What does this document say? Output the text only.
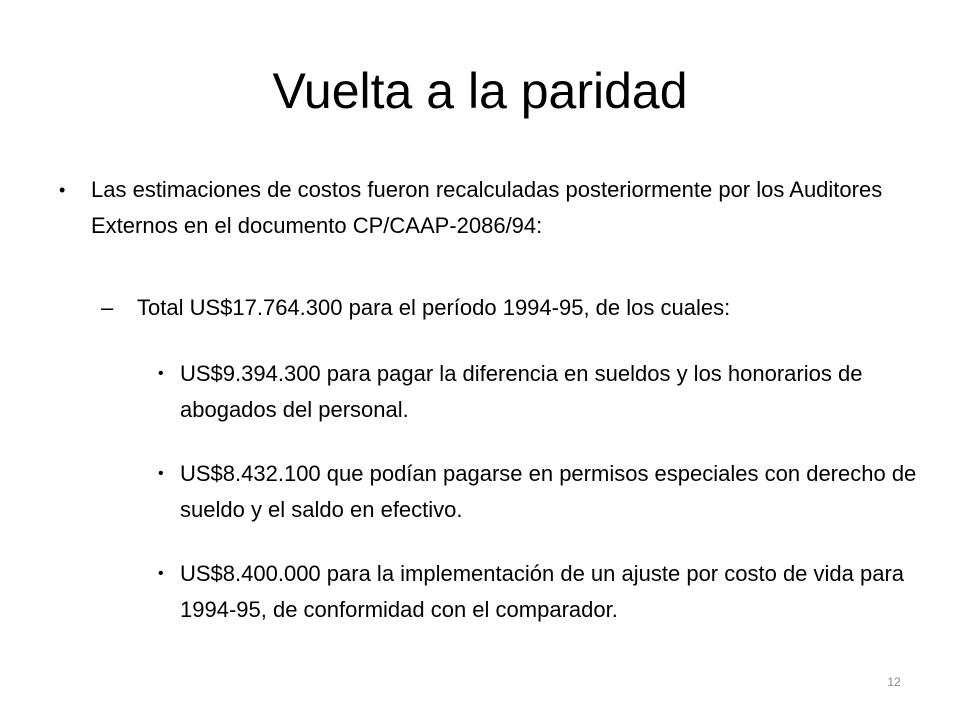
Vuelta a la paridad
• Las estimaciones de costos fueron recalculadas posteriormente por los Auditores Externos en el documento CP/CAAP-2086/94:
– Total US$17.764.300 para el período 1994-95, de los cuales:
• US$9.394.300 para pagar la diferencia en sueldos y los honorarios de abogados del personal.
• US$8.432.100 que podían pagarse en permisos especiales con derecho de sueldo y el saldo en efectivo.
• US$8.400.000 para la implementación de un ajuste por costo de vida para 1994-95, de conformidad con el comparador.
12
